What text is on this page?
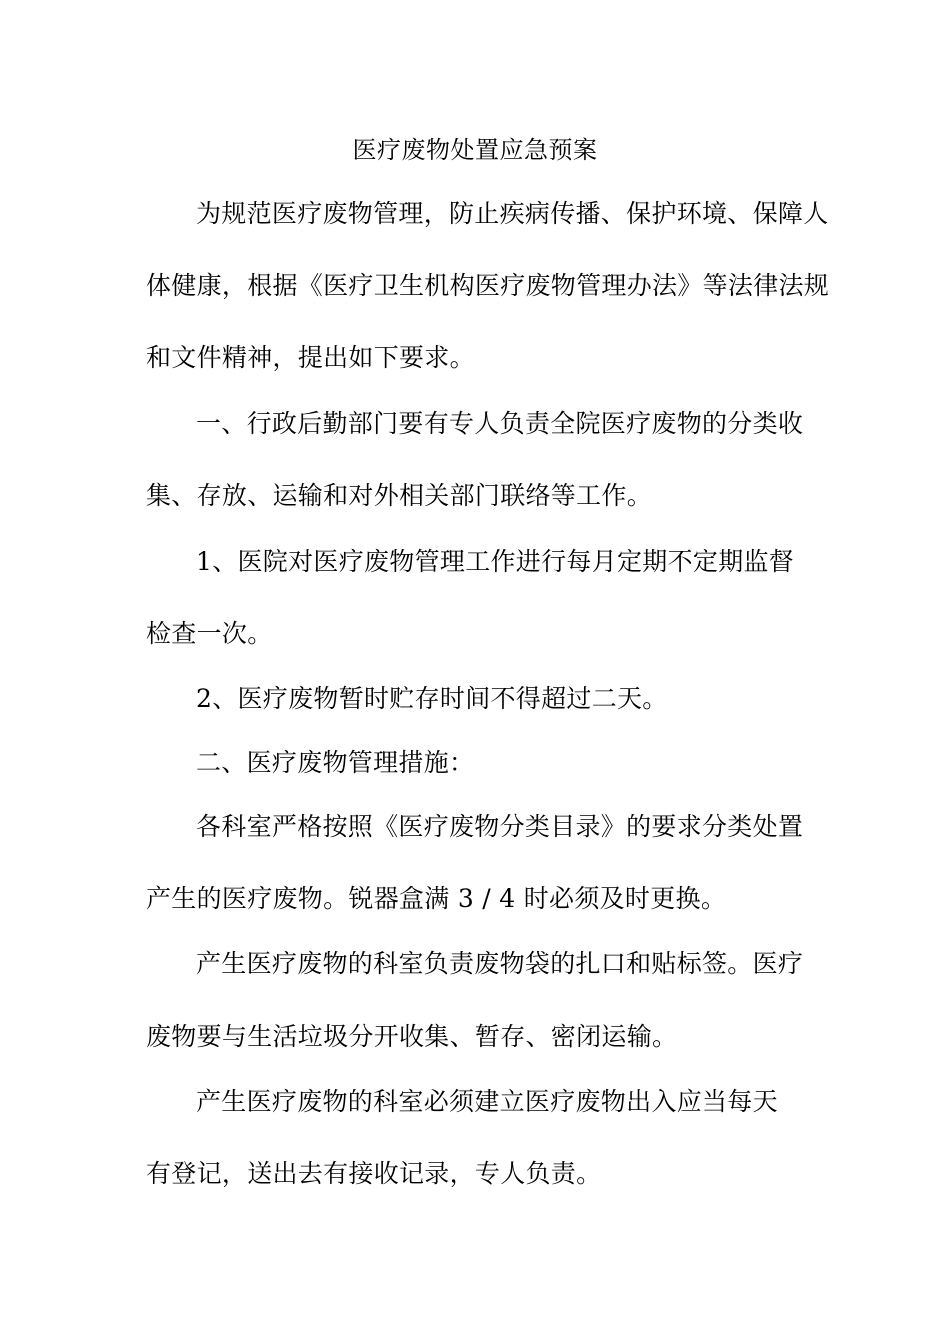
医疗废物处置应急预案
为规范医疗废物管理，防止疾病传播、保护环境、保障人
体健康，根据《医疗卫生机构医疗废物管理办法》等法律法规
和文件精神，提出如下要求。
一、行政后勤部门要有专人负责全院医疗废物的分类收
集、存放、运输和对外相关部门联络等工作。
1、医院对医疗废物管理工作进行每月定期不定期监督
检查一次。
2、医疗废物暂时贮存时间不得超过二天。
二、医疗废物管理措施：
各科室严格按照《医疗废物分类目录》的要求分类处置
产生的医疗废物。锐器盒满 3 / 4 时必须及时更换。
产生医疗废物的科室负责废物袋的扎口和贴标签。医疗
废物要与生活垃圾分开收集、暂存、密闭运输。
产生医疗废物的科室必须建立医疗废物出入应当每天
有登记，送出去有接收记录，专人负责。
